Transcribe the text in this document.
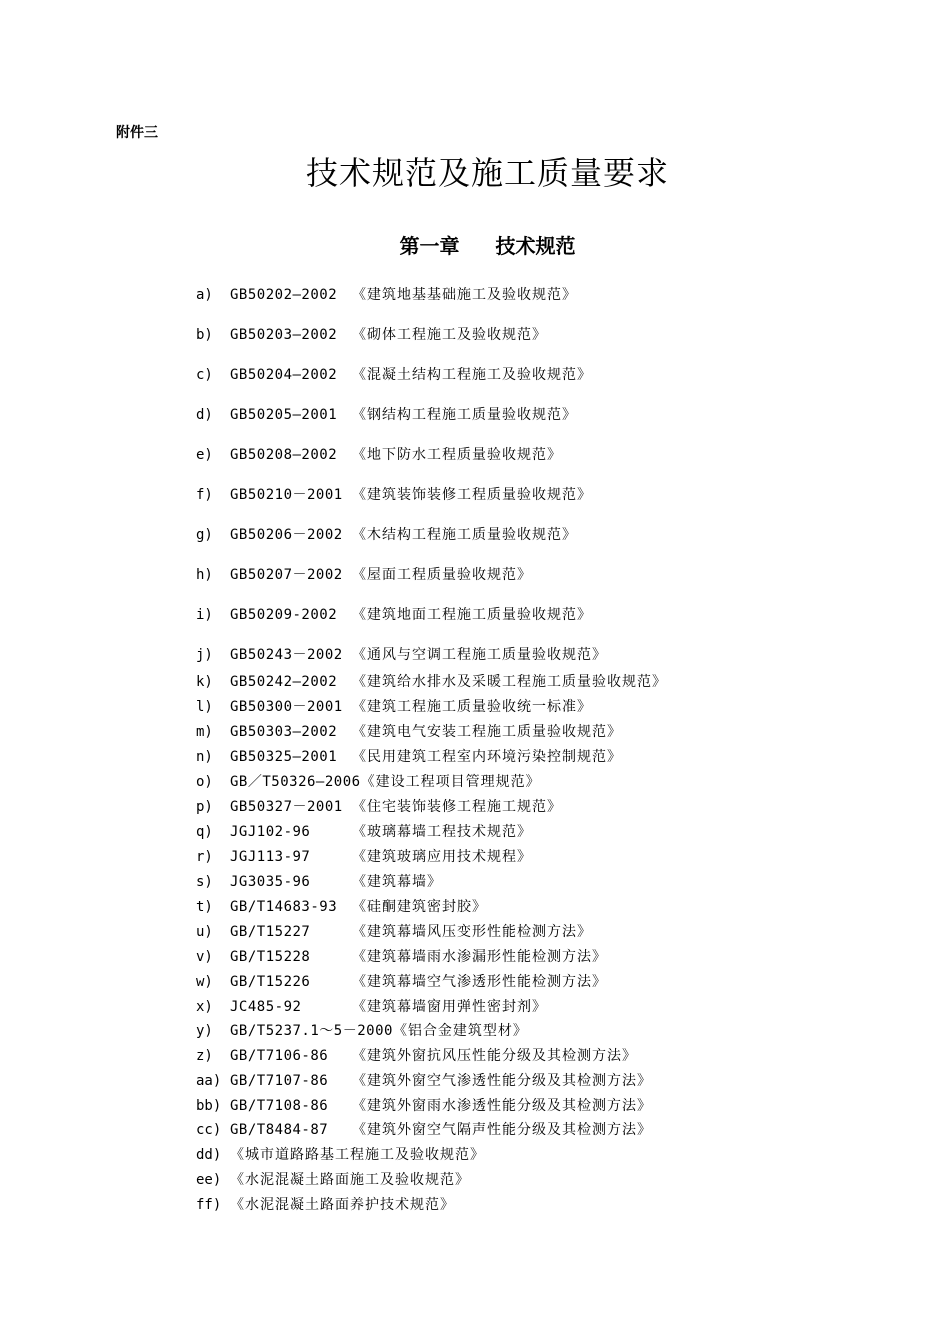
附件三
技术规范及施工质量要求
第一章 技术规范
a) GB50202—2002 《建筑地基基础施工及验收规范》
b) GB50203—2002 《砌体工程施工及验收规范》
c) GB50204—2002 《混凝土结构工程施工及验收规范》
d) GB50205—2001 《钢结构工程施工质量验收规范》
e) GB50208—2002 《地下防水工程质量验收规范》
f) GB50210－2001 《建筑装饰装修工程质量验收规范》
g) GB50206－2002 《木结构工程施工质量验收规范》
h) GB50207－2002 《屋面工程质量验收规范》
i) GB50209-2002 《建筑地面工程施工质量验收规范》
j) GB50243－2002 《通风与空调工程施工质量验收规范》
k) GB50242—2002 《建筑给水排水及采暖工程施工质量验收规范》
l) GB50300－2001 《建筑工程施工质量验收统一标准》
m) GB50303—2002 《建筑电气安装工程施工质量验收规范》
n) GB50325—2001 《民用建筑工程室内环境污染控制规范》
o) GB／T50326—2006《建设工程项目管理规范》
p) GB50327－2001 《住宅装饰装修工程施工规范》
q) JGJ102-96	《玻璃幕墙工程技术规范》
r) JGJ113-97	《建筑玻璃应用技术规程》
s) JG3035-96	《建筑幕墙》
t) GB/T14683-93 《硅酮建筑密封胶》
u) GB/T15227	《建筑幕墙风压变形性能检测方法》
v) GB/T15228	《建筑幕墙雨水渗漏形性能检测方法》
w) GB/T15226	《建筑幕墙空气渗透形性能检测方法》
x) JC485-92	《建筑幕墙窗用弹性密封剂》
y) GB/T5237.1～5－2000《铝合金建筑型材》
z) GB/T7106-86 《建筑外窗抗风压性能分级及其检测方法》
aa) GB/T7107-86 《建筑外窗空气渗透性能分级及其检测方法》
bb) GB/T7108-86 《建筑外窗雨水渗透性能分级及其检测方法》
cc) GB/T8484-87 《建筑外窗空气隔声性能分级及其检测方法》
dd) 《城市道路路基工程施工及验收规范》
ee) 《水泥混凝土路面施工及验收规范》
ff) 《水泥混凝土路面养护技术规范》
